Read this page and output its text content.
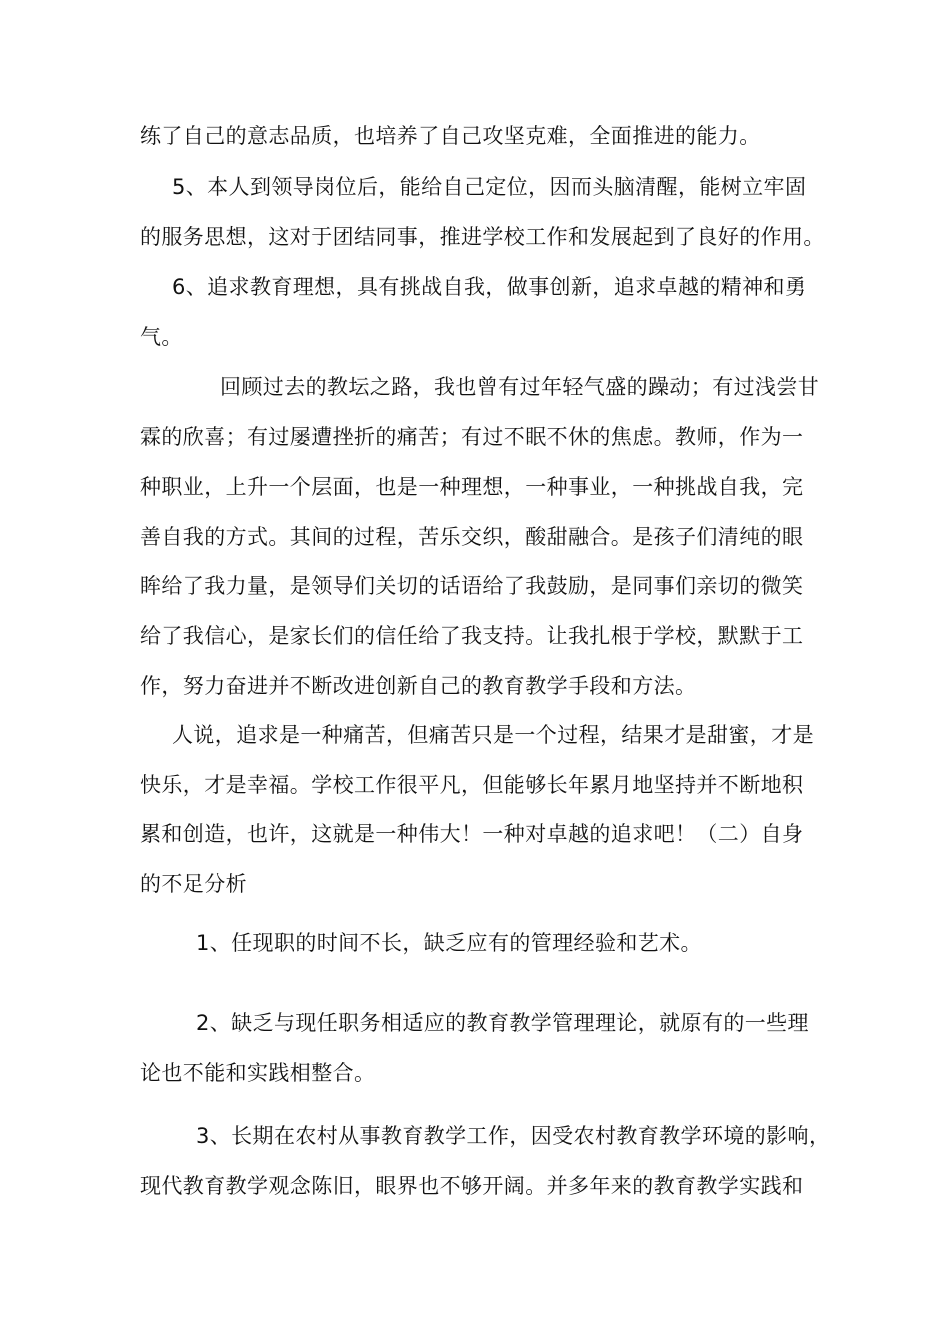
练了自己的意志品质，也培养了自己攻坚克难，全面推进的能力。
5、本人到领导岗位后，能给自己定位，因而头脑清醒，能树立牢固
的服务思想，这对于团结同事，推进学校工作和发展起到了良好的作用。
6、追求教育理想，具有挑战自我，做事创新，追求卓越的精神和勇
气。
回顾过去的教坛之路，我也曾有过年轻气盛的躁动；有过浅尝甘
霖的欣喜；有过屡遭挫折的痛苦；有过不眠不休的焦虑。教师，作为一
种职业，上升一个层面，也是一种理想，一种事业，一种挑战自我，完
善自我的方式。其间的过程，苦乐交织，酸甜融合。是孩子们清纯的眼
眸给了我力量，是领导们关切的话语给了我鼓励，是同事们亲切的微笑
给了我信心，是家长们的信任给了我支持。让我扎根于学校，默默于工
作，努力奋进并不断改进创新自己的教育教学手段和方法。
人说，追求是一种痛苦，但痛苦只是一个过程，结果才是甜蜜，才是
快乐，才是幸福。学校工作很平凡，但能够长年累月地坚持并不断地积
累和创造，也许，这就是一种伟大！一种对卓越的追求吧！（二）自身
的不足分析
1、任现职的时间不长，缺乏应有的管理经验和艺术。
2、缺乏与现任职务相适应的教育教学管理理论，就原有的一些理
论也不能和实践相整合。
3、长期在农村从事教育教学工作，因受农村教育教学环境的影响，
现代教育教学观念陈旧，眼界也不够开阔。并多年来的教育教学实践和
